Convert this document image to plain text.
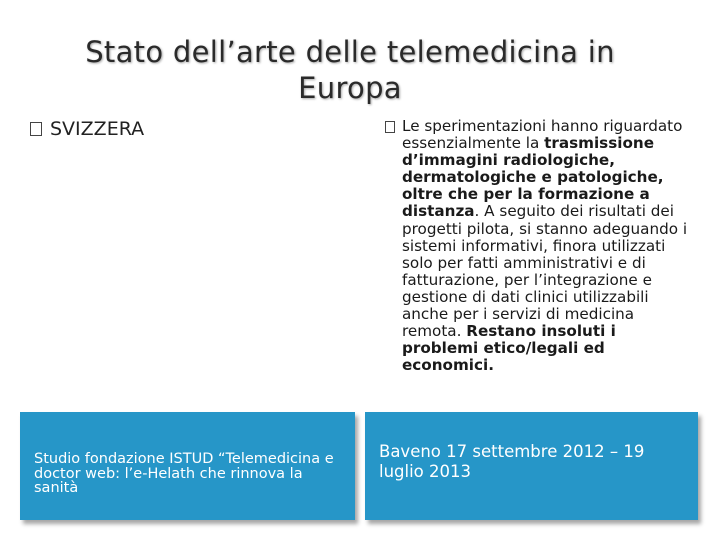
Stato dell’arte delle telemedicina in
Europa
SVIZZERA	Le sperimentazioni hanno riguardato essenzialmente la trasmissione d’immagini radiologiche, dermatologiche e patologiche, oltre che per la formazione a distanza. A seguito dei risultati dei progetti pilota, si stanno adeguando i sistemi informativi, finora utilizzati solo per fatti amministrativi e di fatturazione, per l’integrazione e gestione di dati clinici utilizzabili anche per i servizi di medicina remota. Restano insoluti i problemi etico/legali ed economici.
Studio fondazione ISTUD “Telemedicina e doctor web: l’e-Helath che rinnova la sanità
Baveno 17 settembre 2012 – 19 luglio 2013
